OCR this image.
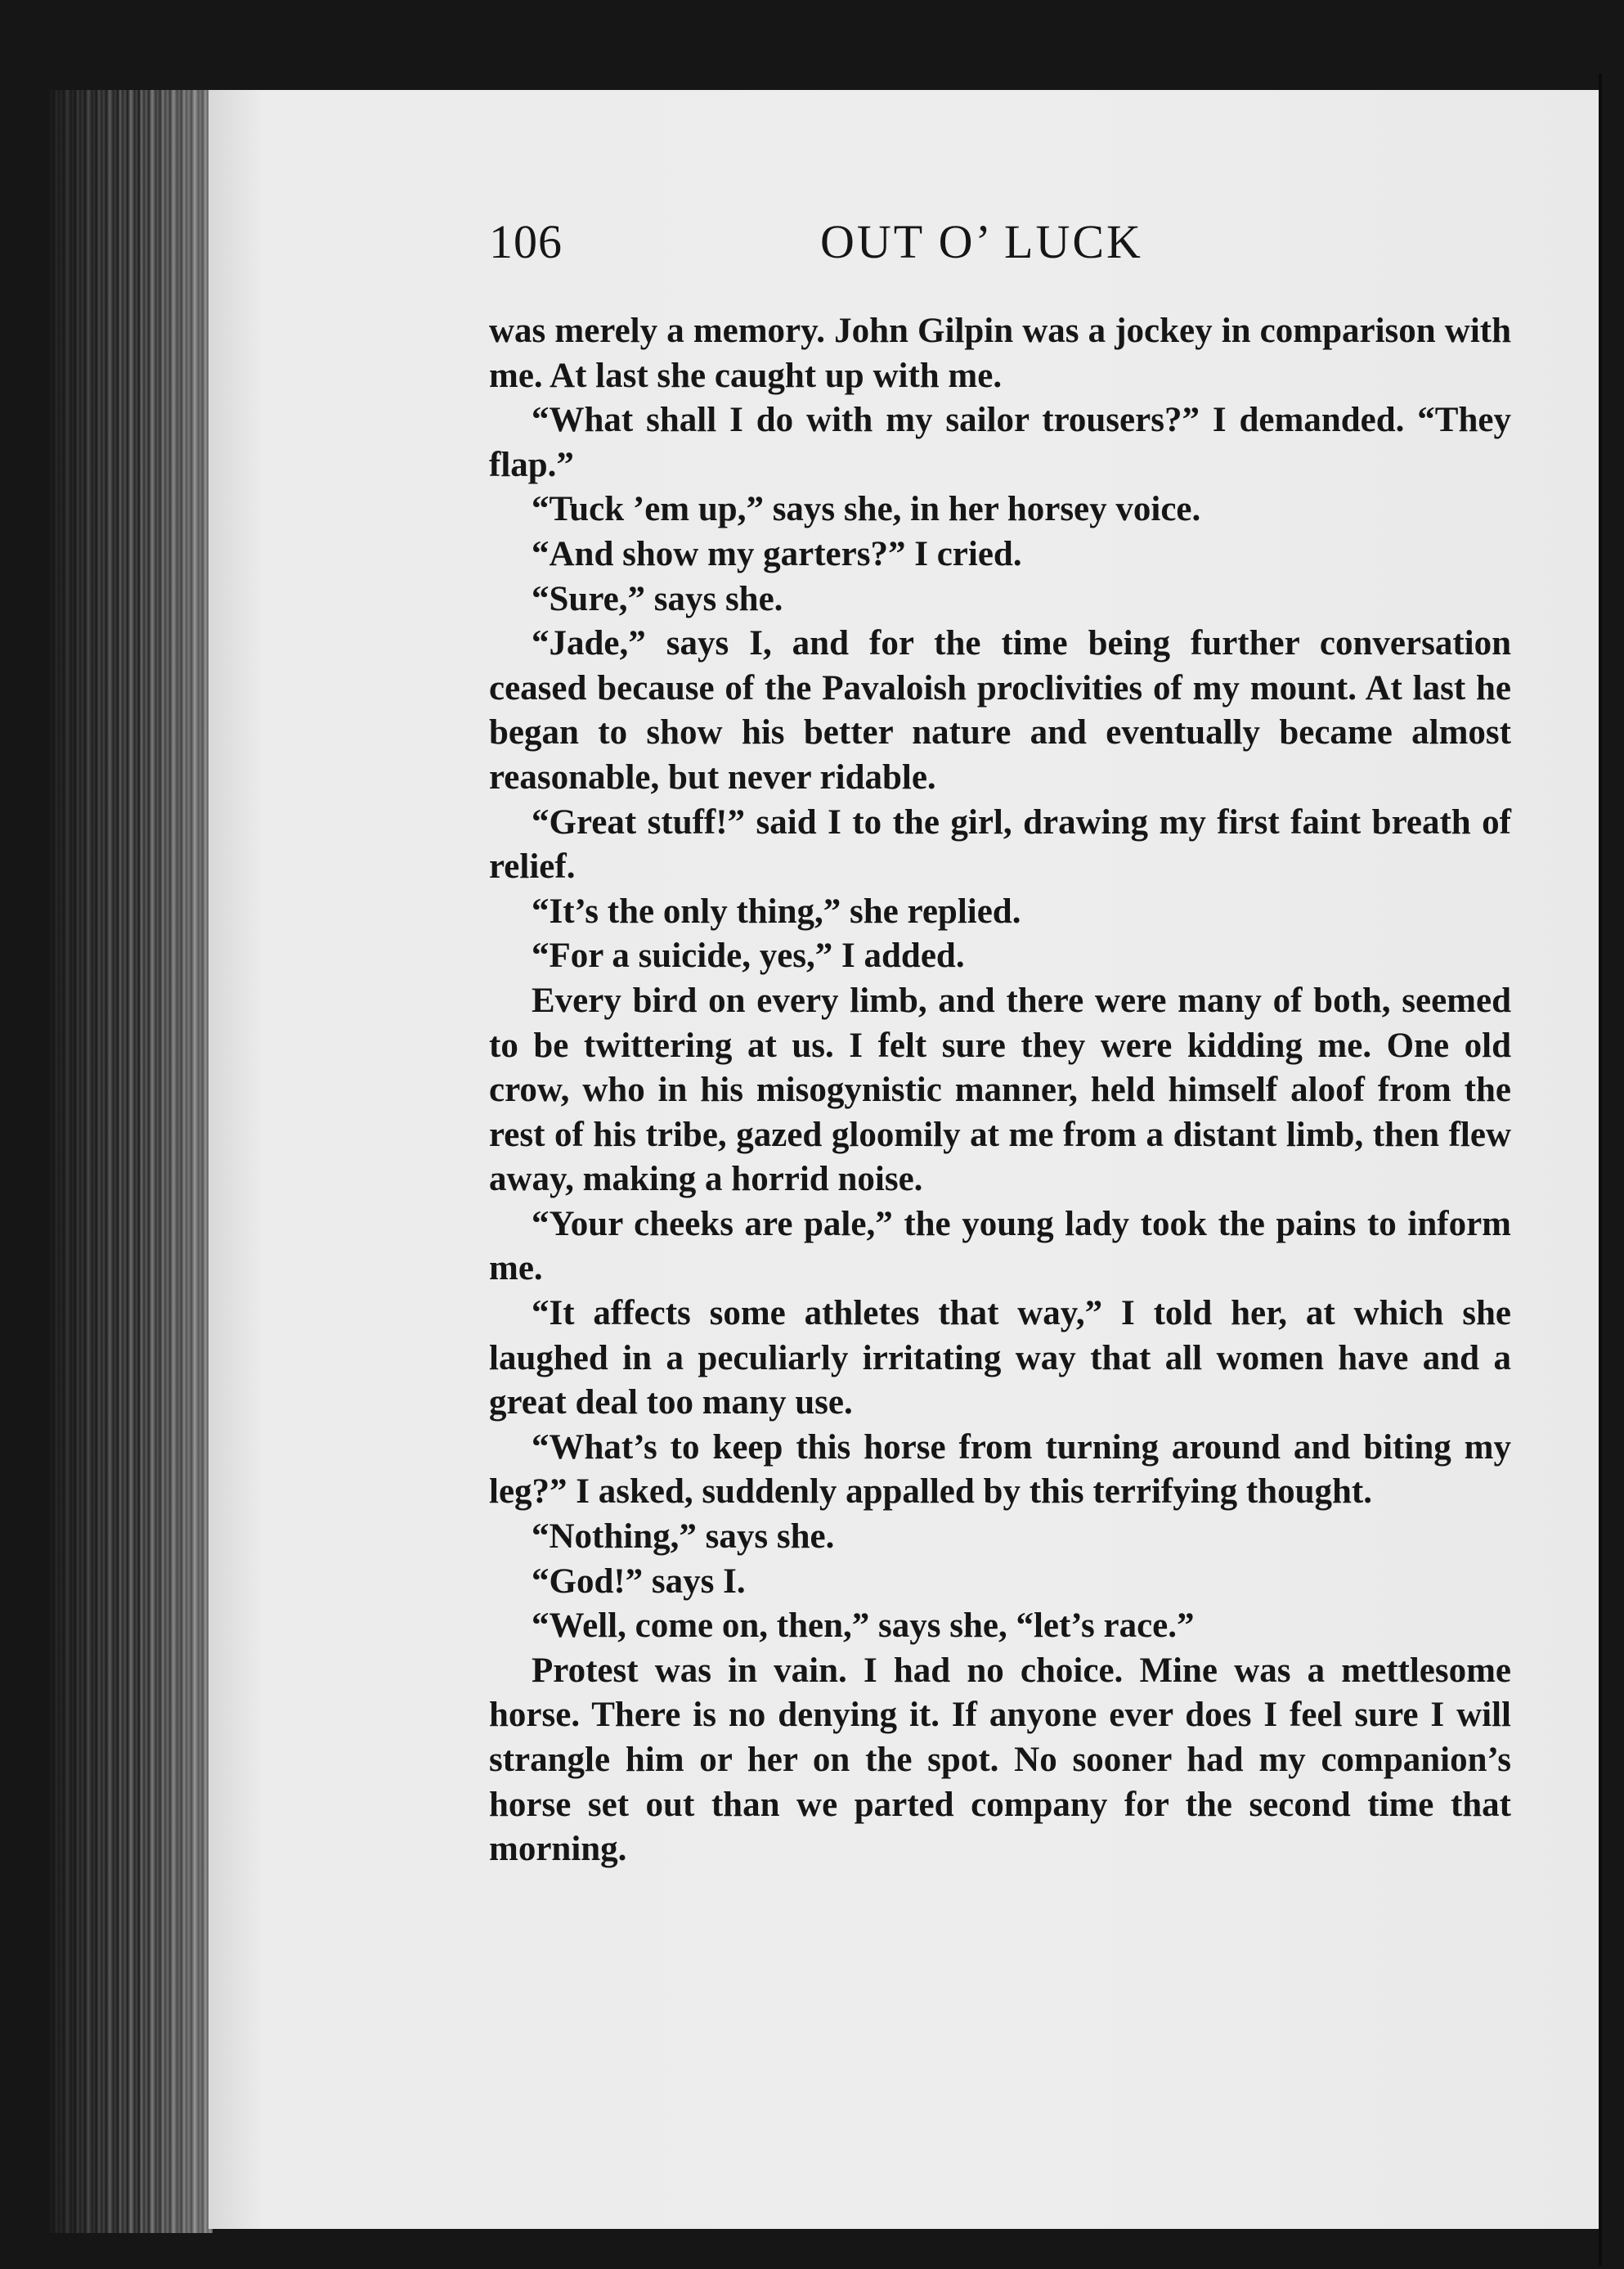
106	OUT O’ LUCK

was merely a memory. John Gilpin was a jockey in comparison with me. At last she caught up with me.

“What shall I do with my sailor trousers?” I demanded. “They flap.”

“Tuck ’em up,” says she, in her horsey voice.

“And show my garters?” I cried.

“Sure,” says she.

“Jade,” says I, and for the time being further conversation ceased because of the Pavaloish proclivities of my mount. At last he began to show his better nature and eventually became almost reasonable, but never ridable.

“Great stuff!” said I to the girl, drawing my first faint breath of relief.

“It’s the only thing,” she replied.

“For a suicide, yes,” I added.

Every bird on every limb, and there were many of both, seemed to be twittering at us. I felt sure they were kidding me. One old crow, who in his misogynistic manner, held himself aloof from the rest of his tribe, gazed gloomily at me from a distant limb, then flew away, making a horrid noise.

“Your cheeks are pale,” the young lady took the pains to inform me.

“It affects some athletes that way,” I told her, at which she laughed in a peculiarly irritating way that all women have and a great deal too many use.

“What’s to keep this horse from turning around and biting my leg?” I asked, suddenly appalled by this terrifying thought.

“Nothing,” says she.

“God!” says I.

“Well, come on, then,” says she, “let’s race.”

Protest was in vain. I had no choice. Mine was a mettlesome horse. There is no denying it. If anyone ever does I feel sure I will strangle him or her on the spot. No sooner had my companion’s horse set out than we parted company for the second time that morning.
